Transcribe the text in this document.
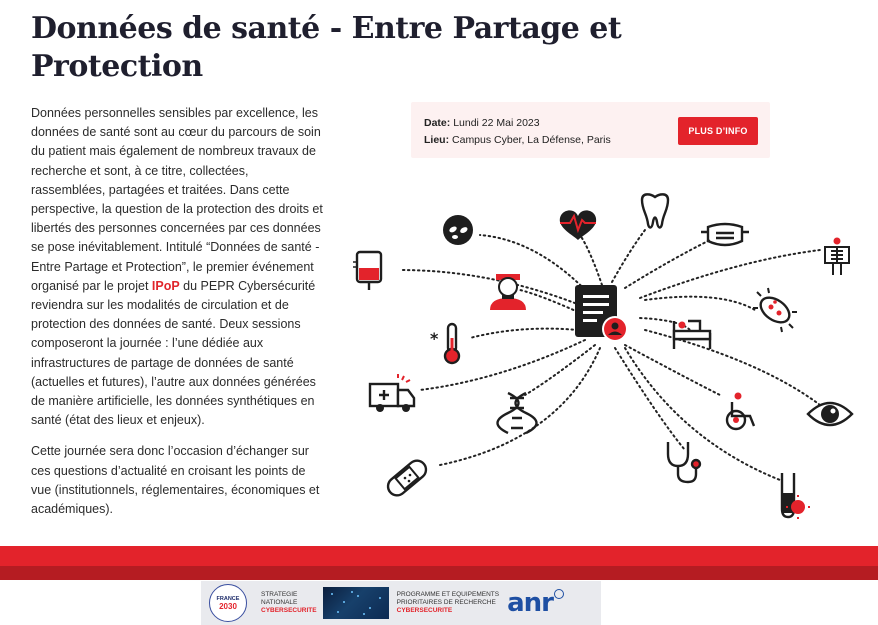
Données de santé - Entre Partage et Protection

Données personnelles sensibles par excellence, les données de santé sont au cœur du parcours de soin du patient mais également de nombreux travaux de recherche et sont, à ce titre, collectées, rassemblées, partagées et traitées. Dans cette perspective, la question de la protection des droits et libertés des personnes concernées par ces données se pose inévitablement. Intitulé “Données de santé - Entre Partage et Protection”, le premier événement organisé par le projet IPoP du PEPR Cybersécurité reviendra sur les modalités de circulation et de protection des données de santé. Deux sessions composeront la journée : l’une dédiée aux infrastructures de partage de données de santé (actuelles et futures), l’autre aux données générées de manière artificielle, les données synthétiques en santé (état des lieux et enjeux).

Cette journée sera donc l’occasion d’échanger sur ces questions d’actualité en croisant les points de vue (institutionnels, réglementaires, économiques et académiques).

Date: Lundi 22 Mai 2023
Lieu: Campus Cyber, La Défense, Paris
PLUS D’INFO
*
FRANCE
2030
STRATEGIE
NATIONALE
CYBERSECURITE
PROGRAMME ET EQUIPEMENTS
PRIORITAIRES DE RECHERCHE
CYBERSECURITE	anr
